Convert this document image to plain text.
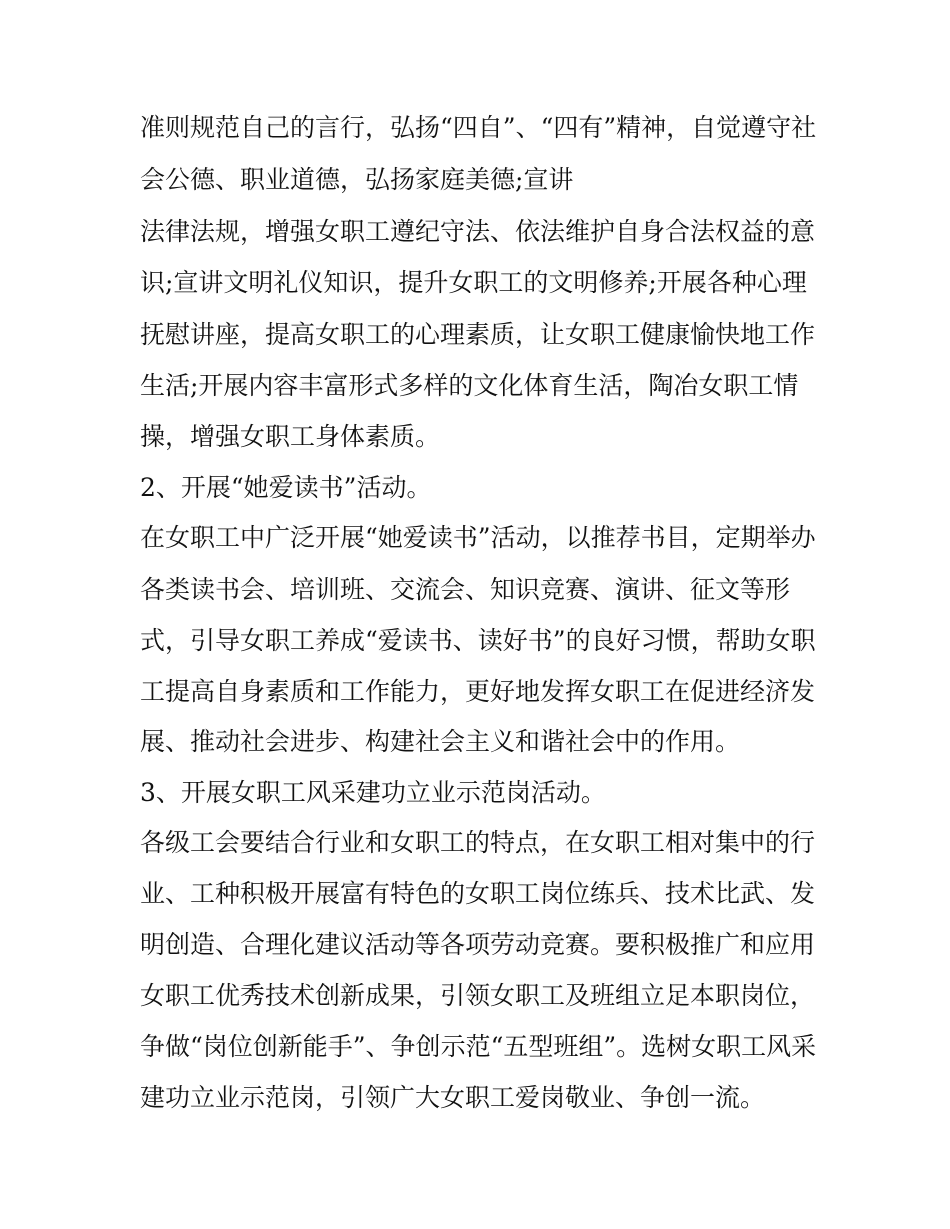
准则规范自己的言行，弘扬“四自”、“四有”精神，自觉遵守社
会公德、职业道德，弘扬家庭美德;宣讲
法律法规，增强女职工遵纪守法、依法维护自身合法权益的意
识;宣讲文明礼仪知识，提升女职工的文明修养;开展各种心理
抚慰讲座，提高女职工的心理素质，让女职工健康愉快地工作
生活;开展内容丰富形式多样的文化体育生活，陶冶女职工情
操，增强女职工身体素质。
2、开展“她爱读书”活动。
在女职工中广泛开展“她爱读书”活动，以推荐书目，定期举办
各类读书会、培训班、交流会、知识竞赛、演讲、征文等形
式，引导女职工养成“爱读书、读好书”的良好习惯，帮助女职
工提高自身素质和工作能力，更好地发挥女职工在促进经济发
展、推动社会进步、构建社会主义和谐社会中的作用。
3、开展女职工风采建功立业示范岗活动。
各级工会要结合行业和女职工的特点，在女职工相对集中的行
业、工种积极开展富有特色的女职工岗位练兵、技术比武、发
明创造、合理化建议活动等各项劳动竞赛。要积极推广和应用
女职工优秀技术创新成果，引领女职工及班组立足本职岗位，
争做“岗位创新能手”、争创示范“五型班组”。选树女职工风采
建功立业示范岗，引领广大女职工爱岗敬业、争创一流。
